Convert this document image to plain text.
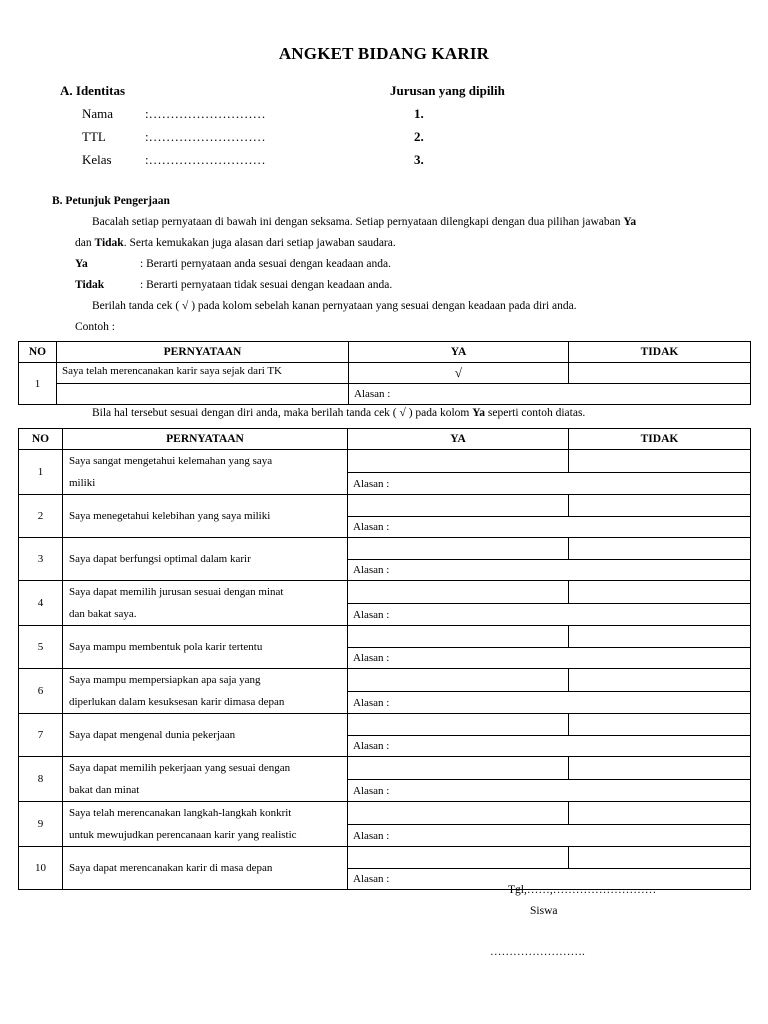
ANGKET BIDANG KARIR
A. Identitas
Nama :………………………
TTL	:………………………
Kelas	:………………………
Jurusan yang dipilih
1.
2.
3.
B. Petunjuk Pengerjaan
Bacalah setiap pernyataan di bawah ini dengan seksama. Setiap pernyataan dilengkapi dengan dua pilihan jawaban Ya
dan Tidak. Serta kemukakan juga alasan dari setiap jawaban saudara.
Ya	: Berarti pernyataan anda sesuai dengan keadaan anda.
Tidak	: Berarti pernyataan tidak sesuai dengan keadaan anda.
Berilah tanda cek ( √ ) pada kolom sebelah kanan pernyataan yang sesuai dengan keadaan pada diri anda.
Contoh :
NO	PERNYATAAN	YA	TIDAK
1	Saya telah merencanakan karir saya sejak dari TK	√	
		Alasan :	
Bila hal tersebut sesuai dengan diri anda, maka berilah tanda cek ( √ ) pada kolom Ya seperti contoh diatas.
NO	PERNYATAAN	YA	TIDAK
1	Saya sangat mengetahui kelemahan yang saya
miliki		

		Alasan :	
2	Saya menegetahui kelebihan yang saya miliki		

		Alasan :	
3	Saya dapat berfungsi optimal dalam karir		

		Alasan :	
4	Saya dapat memilih jurusan sesuai dengan minat
dan bakat saya.		

		Alasan :	
5	Saya mampu membentuk pola karir tertentu		

		Alasan :	
6	Saya mampu mempersiapkan apa saja yang
diperlukan dalam kesuksesan karir dimasa depan		

		Alasan :	
7	Saya dapat mengenal dunia pekerjaan		

		Alasan :	
8	Saya dapat memilih pekerjaan yang sesuai dengan
bakat dan minat		

		Alasan :	
9	Saya telah merencanakan langkah-langkah konkrit
untuk mewujudkan perencanaan karir yang realistic		

		Alasan :	
10	Saya dapat merencanakan karir di masa depan		

		Alasan :	
Tgl,……,………………………
Siswa
…………………….
